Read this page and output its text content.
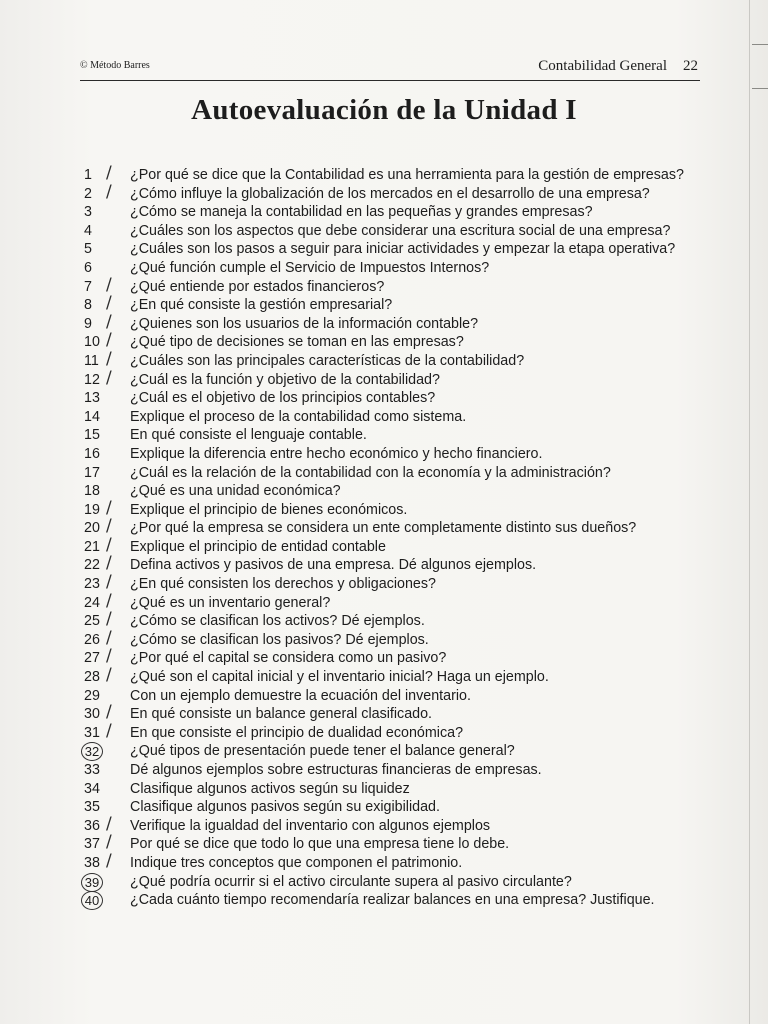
© Método Barres	Contabilidad General 22
Autoevaluación de la Unidad I
1 / ¿Por qué se dice que la Contabilidad es una herramienta para la gestión de empresas?
2 / ¿Cómo influye la globalización de los mercados en el desarrollo de una empresa?
3	¿Cómo se maneja la contabilidad en las pequeñas y grandes empresas?
4	¿Cuáles son los aspectos que debe considerar una escritura social de una empresa?
5	¿Cuáles son los pasos a seguir para iniciar actividades y empezar la etapa operativa?
6	¿Qué función cumple el Servicio de Impuestos Internos?
7 / ¿Qué entiende por estados financieros?
8 / ¿En qué consiste la gestión empresarial?
9 / ¿Quienes son los usuarios de la información contable?
10 / ¿Qué tipo de decisiones se toman en las empresas?
11 / ¿Cuáles son las principales características de la contabilidad?
12 / ¿Cuál es la función y objetivo de la contabilidad?
13	¿Cuál es el objetivo de los principios contables?
14	Explique el proceso de la contabilidad como sistema.
15	En qué consiste el lenguaje contable.
16	Explique la diferencia entre hecho económico y hecho financiero.
17	¿Cuál es la relación de la contabilidad con la economía y la administración?
18	¿Qué es una unidad económica?
19 / Explique el principio de bienes económicos.
20 / ¿Por qué la empresa se considera un ente completamente distinto sus dueños?
21 / Explique el principio de entidad contable
22 / Defina activos y pasivos de una empresa. Dé algunos ejemplos.
23 / ¿En qué consisten los derechos y obligaciones?
24 / ¿Qué es un inventario general?
25 / ¿Cómo se clasifican los activos? Dé ejemplos.
26 / ¿Cómo se clasifican los pasivos? Dé ejemplos.
27 / ¿Por qué el capital se considera como un pasivo?
28 / ¿Qué son el capital inicial y el inventario inicial? Haga un ejemplo.
29	Con un ejemplo demuestre la ecuación del inventario.
30 / En qué consiste un balance general clasificado.
31 / En que consiste el principio de dualidad económica?
32 ¿Qué tipos de presentación puede tener el balance general?
33	Dé algunos ejemplos sobre estructuras financieras de empresas.
34	Clasifique algunos activos según su liquidez
35	Clasifique algunos pasivos según su exigibilidad.
36 / Verifique la igualdad del inventario con algunos ejemplos
37 / Por qué se dice que todo lo que una empresa tiene lo debe.
38 / Indique tres conceptos que componen el patrimonio.
39 ¿Qué podría ocurrir si el activo circulante supera al pasivo circulante?
40 ¿Cada cuánto tiempo recomendaría realizar balances en una empresa? Justifique.
